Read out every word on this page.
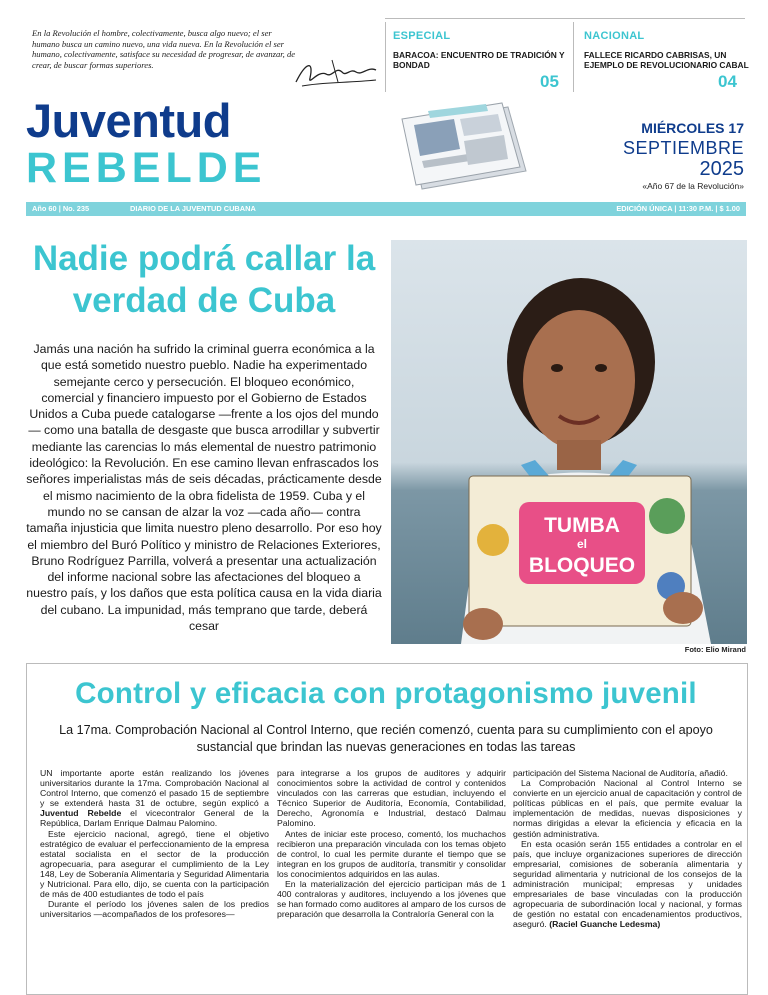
En la Revolución el hombre, colectivamente, busca algo nuevo; el ser humano busca un camino nuevo, una vida nueva. En la Revolución el ser humano, colectivamente, satisface su necesidad de progresar, de avanzar, de crear, de buscar formas superiores.
ESPECIAL
BARACOA: ENCUENTRO DE TRADICIÓN Y BONDAD
05
NACIONAL
FALLECE RICARDO CABRISAS, UN EJEMPLO DE REVOLUCIONARIO CABAL
04
Juventud
REBELDE
MIÉRCOLES 17
SEPTIEMBRE
2025
«Año 67 de la Revolución»
Año 60 | No. 235	DIARIO DE LA JUVENTUD CUBANA	EDICIÓN ÚNICA | 11:30 P.M. | $ 1.00
Nadie podrá callar la verdad de Cuba
Jamás una nación ha sufrido la criminal guerra económica a la que está sometido nuestro pueblo. Nadie ha experimentado semejante cerco y persecución. El bloqueo económico, comercial y financiero impuesto por el Gobierno de Estados Unidos a Cuba puede catalogarse —frente a los ojos del mundo— como una batalla de desgaste que busca arrodillar y subvertir mediante las carencias lo más elemental de nuestro patrimonio ideológico: la Revolución. En ese camino llevan enfrascados los señores imperialistas más de seis décadas, prácticamente desde el mismo nacimiento de la obra fidelista de 1959. Cuba y el mundo no se cansan de alzar la voz —cada año— contra tamaña injusticia que limita nuestro pleno desarrollo. Por eso hoy el miembro del Buró Político y ministro de Relaciones Exteriores, Bruno Rodríguez Parrilla, volverá a presentar una actualización del informe nacional sobre las afectaciones del bloqueo a nuestro país, y los daños que esta política causa en la vida diaria del cubano. La impunidad, más temprano que tarde, deberá cesar
TUMBA
el
BLOQUEO
Foto: Elio Mirand
Control y eficacia con protagonismo juvenil
La 17ma. Comprobación Nacional al Control Interno, que recién comenzó, cuenta para su cumplimiento con el apoyo sustancial que brindan las nuevas generaciones en todas las tareas

UN importante aporte están realizando los jóvenes universitarios durante la 17ma. Comprobación Nacional al Control Interno, que comenzó el pasado 15 de septiembre y se extenderá hasta 31 de octubre, según explicó a Juventud Rebelde el vicecontralor General de la República, Darlam Enrique Dalmau Palomino.

Este ejercicio nacional, agregó, tiene el objetivo estratégico de evaluar el perfeccionamiento de la empresa estatal socialista en el sector de la producción agropecuaria, para asegurar el cumplimiento de la Ley 148, Ley de Soberanía Alimentaria y Seguridad Alimentaria y Nutricional. Para ello, dijo, se cuenta con la participación de más de 400 estudiantes de todo el país

Durante el período los jóvenes salen de los predios universitarios —acompañados de los profesores—

para integrarse a los grupos de auditores y adquirir conocimientos sobre la actividad de control y contenidos vinculados con las carreras que estudian, incluyendo el Técnico Superior de Auditoría, Economía, Contabilidad, Derecho, Agronomía e Industrial, destacó Dalmau Palomino.

Antes de iniciar este proceso, comentó, los muchachos recibieron una preparación vinculada con los temas objeto de control, lo cual les permite durante el tiempo que se integran en los grupos de auditoría, transmitir y consolidar los conocimientos adquiridos en las aulas.

En la materialización del ejercicio participan más de 1 400 contraloras y auditores, incluyendo a los jóvenes que se han formado como auditores al amparo de los cursos de preparación que desarrolla la Contraloría General con la

participación del Sistema Nacional de Auditoría, añadió.

La Comprobación Nacional al Control Interno se convierte en un ejercicio anual de capacitación y control de políticas públicas en el país, que permite evaluar la implementación de medidas, nuevas disposiciones y normas dirigidas a elevar la eficiencia y eficacia en la gestión administrativa.

En esta ocasión serán 155 entidades a controlar en el país, que incluye organizaciones superiores de dirección empresarial, comisiones de soberanía alimentaria y seguridad alimentaria y nutricional de los consejos de la administración municipal; empresas y unidades empresariales de base vinculadas con la producción agropecuaria de subordinación local y nacional, y formas de gestión no estatal con encadenamientos productivos, aseguró. (Raciel Guanche Ledesma)
